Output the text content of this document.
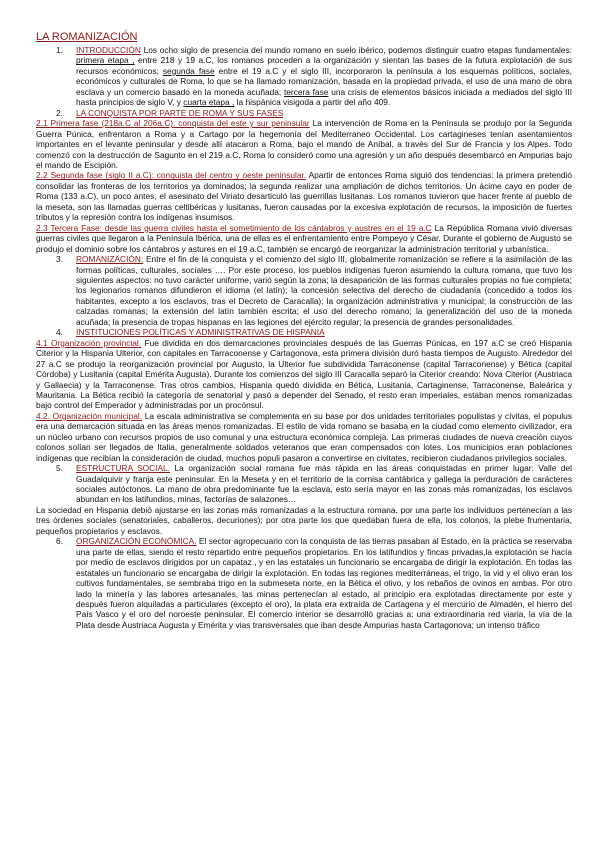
LA ROMANIZACIÓN
1. INTRODUCCIÓN Los ocho siglo de presencia del mundo romano en suelo ibérico, podemos distinguir cuatro etapas fundamentales: primera etapa , entre 218 y 19 a.C, los romanos proceden a la organización y sientan las bases de la futura explotación de sus recursos económicos; segunda fase entre el 19 a.C y el siglo III, incorporaron la península a los esquemas políticos, sociales, económicos y culturales de Roma, lo que se ha llamado romanización, basada en la propiedad privada, el uso de una mano de obra esclava y un comercio basado en la moneda acuñada; tercera fase una crisis de elementos básicos iniciada a mediados del siglo III hasta principios de siglo V, y cuarta etapa , la hispánica visigoda a partir del año 409.
2. LA CONQUISTA POR PARTE DE ROMA Y SUS FASES
2.1 Primera fase (218a.C al 206a.C): conquista del este y sur peninsular La intervención de Roma en la Península se produjo por la Segunda Guerra Púnica, enfrentaron a Roma y a Cartago por la hegemonía del Mediterraneo Occidental. Los cartagineses tenían asentamientos importantes en el levante peninsular y desde allí atacaron a Roma, bajo el mando de Aníbal, a través del Sur de Francia y los Alpes. Todo comenzó con la destrucción de Sagunto en el 219 a.C, Roma lo consideró como una agresión y un año después desembarcó en Ampurias bajo el mando de Escipión.
2.2 Segunda fase (siglo II a.C): conquista del centro y oeste peninsular. Apartir de entonces Roma siguió dos tendencias: la primera pretendió consolidar las fronteras de los territorios ya dominados; la segunda realizar una ampliación de dichos territorios. Un ácime cayo en poder de Roma (133 a.C), un poco antes, el asesinato del Viriato desarticuló las guerrillas lusitanas. Los romanos tuvieron que hacer frente al pueblo de la meseta, son las llamadas guerras celtibéricas y lusitanas, fueron causadas por la excesiva explotación de recursos, la imposición de fuertes tributos y la represión contra los indígenas insumisos.
2.3 Tercera Fase: desde las guerra civiles hasta el sometimiento de los cántabros y austres en el 19 a.C La República Romana vivió diversas guerras civiles que llegaron a la Península Ibérica, una de ellas es el enfrentamiento entre Pompeyo y César. Durante el gobierno de Augusto se produjo el dominio sobre los cántabros y astures en el 19 a.C, también se encargó de reorganizar la administración territorial y urbanística.
3. ROMANIZACIÓN: Entre el fin de la conquista y el comienzo del siglo III, globalmente romanización se refiere a la asimilación de las formas políticas, culturales, sociales …. Por este proceso, los pueblos indígenas fueron asumiendo la cultura romana, que tuvo los siguientes aspectos: no tuvo carácter uniforme, varió según la zona; la desaparición de las formas culturales propias no fue completa; los legionarios romanos difundieron el idioma (el latín); la concesión selectiva del derecho de ciudadanía (concedido a todos los habitantes, excepto a los esclavos, tras el Decreto de Caracalla); la organización administrativa y municipal; la construcción de las calzadas romanas; la extensión del latín también escrita; el uso del derecho romano; la generalización del uso de la moneda acuñada; la presencia de tropas hispanas en las legiones del ejército regular; la presencia de grandes personalidades.
4. INSTITUCIONES POLÍTICAS Y ADMINISTRATIVAS DE HISPANIA
4.1 Organización provincial. Fue dividida en dos demarcaciones provinciales después de las Guerras Púnicas, en 197 a.C se creó Hispania Citerior y la Hispania Ulterior, con capitales en Tarraconense y Cartagonova, esta primera división duró hasta tiempos de Augusto. Alrededor del 27 a.C se produjo la reorganización provincial por Augusto, la Ulterior fue subdividida Tarraconense (capital Tarraconense) y Bética (capital Córdoba) y Lusitania (capital Emérita Augusta). Durante los comienzos del siglo III Caracalla separó la Citerior creando: Nova Citerior (Austriaca y Gallaecia) y la Tarraconense. Tras otros cambios, Hispania quedó dividida en Bética, Lusitania, Cartaginense, Tarraconense, Baleárica y Mauritania. La Bética recibió la categoría de senatorial y pasó a depender del Senado, el resto eran imperiales, estaban menos romanizadas bajo control del Emperador y administradas por un procónsul.
4.2. Organización municipal. La escala administrativa se complementa en su base por dos unidades territoriales populistas y cívitas, el populus era una demarcación situada en las áreas menos romanizadas. El estilo de vida romano se basaba en la ciudad como elemento civilizador, era un núcleo urbano con recursos propios de uso comunal y una estructura económica compleja. Las primeras ciudades de nueva creación cuyos colonos solían ser llegados de Italia, generalmente soldados veteranos que eran compensados con lotes. Los municipios eran poblaciones indígenas que recibían la consideración de ciudad, muchos populi pasaron a convertirse en civitates, recibieron ciudadanos privilegios sociales.
5. ESTRUCTURA SOCIAL. La organización social romana fue más rápida en las áreas conquistadas en primer lugar: Valle del Guadalquivir y franja este peninsular. En la Meseta y en el territorio de la cornisa cantábrica y gallega la perduración de carácteres sociales autóctonos. La mano de obra predominante fue la esclava, esto sería mayor en las zonas más romanizadas, los esclavos abundan en los latifundios, minas, factorías de salazones…
La sociedad en Hispania debió ajustarse en las zonas más romanizadas a la estructura romana, por una parte los individuos pertenecían a las tres órdenes sociales (senatoriales, caballeros, decuriones); por otra parte los que quedaban fuera de ella, los colonos, la plebe frumentaria, pequeños propietarios y esclavos.
6. ORGANIZACIÓN ECONÓMICA. El sector agropecuario con la conquista de las tierras pasaban al Estado, en la práctica se reservaba una parte de ellas, siendo el resto repartido entre pequeños propietarios. En los latifundios y fincas privadas,la explotación se hacía por medio de esclavos dirigidos por un capataz , y en las estatales un funcionario se encargaba de dirigir la explotación. En todas las estatales un funcionario se encargaba de dirigir la explotación. En todas las regiones mediterráneas, el trigo, la vid y el olivo eran los cultivos fundamentales, se sembraba trigo en la submeseta norte, en la Bética el olivo, y los rebaños de ovinos en ambas. Por otro lado la minería y las labores artesanales, las minas pertenecían al estado, al principio era explotadas directamente por este y después fueron alquiladas a particulares (excepto el oro), la plata era extraída de Cartagena y el mercurio de Almadén, el hierro del País Vasco y el oro del noroeste peninsular. El comercio interior se desarrolló gracias a: una extraordinaria red viaria, la vía de la Plata desde Austriaca Augusta y Emérita y vias transversales que iban desde Ampurias hasta Cartagonova; un intenso tráfico
